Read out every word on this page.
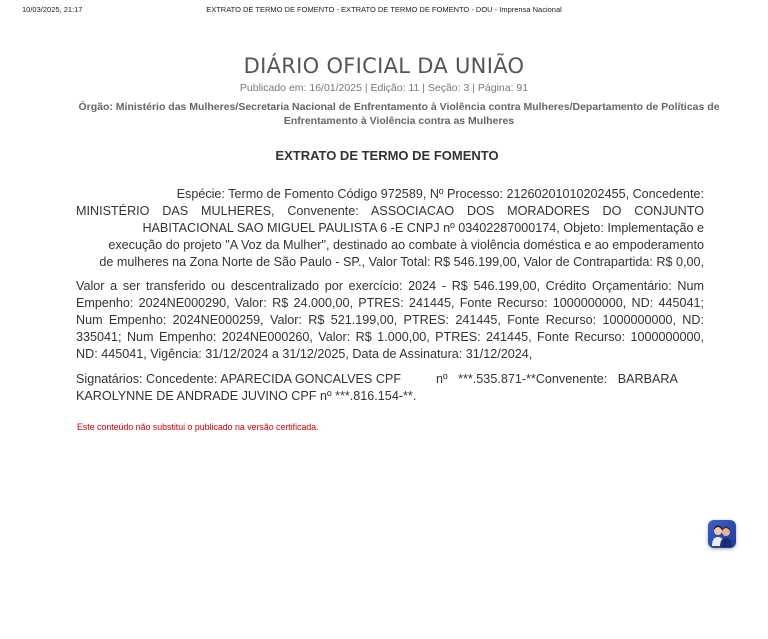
10/03/2025, 21:17	EXTRATO DE TERMO DE FOMENTO - EXTRATO DE TERMO DE FOMENTO - DOU - Imprensa Nacional
DIÁRIO OFICIAL DA UNIÃO
Publicado em: 16/01/2025 | Edição: 11 | Seção: 3 | Página: 91
Órgão: Ministério das Mulheres/Secretaria Nacional de Enfrentamento à Violência contra Mulheres/Departamento de Políticas de
Enfrentamento à Violência contra as Mulheres
EXTRATO DE TERMO DE FOMENTO
Espécie: Termo de Fomento Código 972589, Nº Processo: 21260201010202455, Concedente:
MINISTÉRIO DAS MULHERES, Convenente: ASSOCIACAO DOS MORADORES DO CONJUNTO
HABITACIONAL SAO MIGUEL PAULISTA 6 -E CNPJ nº 03402287000174, Objeto: Implementação e
execução do projeto "A Voz da Mulher", destinado ao combate à violência doméstica e ao empoderamento
de mulheres na Zona Norte de São Paulo - SP., Valor Total: R$ 546.199,00, Valor de Contrapartida: R$ 0,00,
Valor a ser transferido ou descentralizado por exercício: 2024 - R$ 546.199,00, Crédito Orçamentário: Num
Empenho: 2024NE000290, Valor: R$ 24.000,00, PTRES: 241445, Fonte Recurso: 1000000000, ND: 445041;
Num Empenho: 2024NE000259, Valor: R$ 521.199,00, PTRES: 241445, Fonte Recurso: 1000000000, ND:
335041; Num Empenho: 2024NE000260, Valor: R$ 1.000,00, PTRES: 241445, Fonte Recurso: 1000000000,
ND: 445041, Vigência: 31/12/2024 a 31/12/2025, Data de Assinatura: 31/12/2024,
Signatários: Concedente: APARECIDA GONCALVES CPF          nº   ***.535.871-**Convenente:   BARBARA
KAROLYNNE DE ANDRADE JUVINO CPF nº ***.816.154-**.
Este conteúdo não substitui o publicado na versão certificada.
